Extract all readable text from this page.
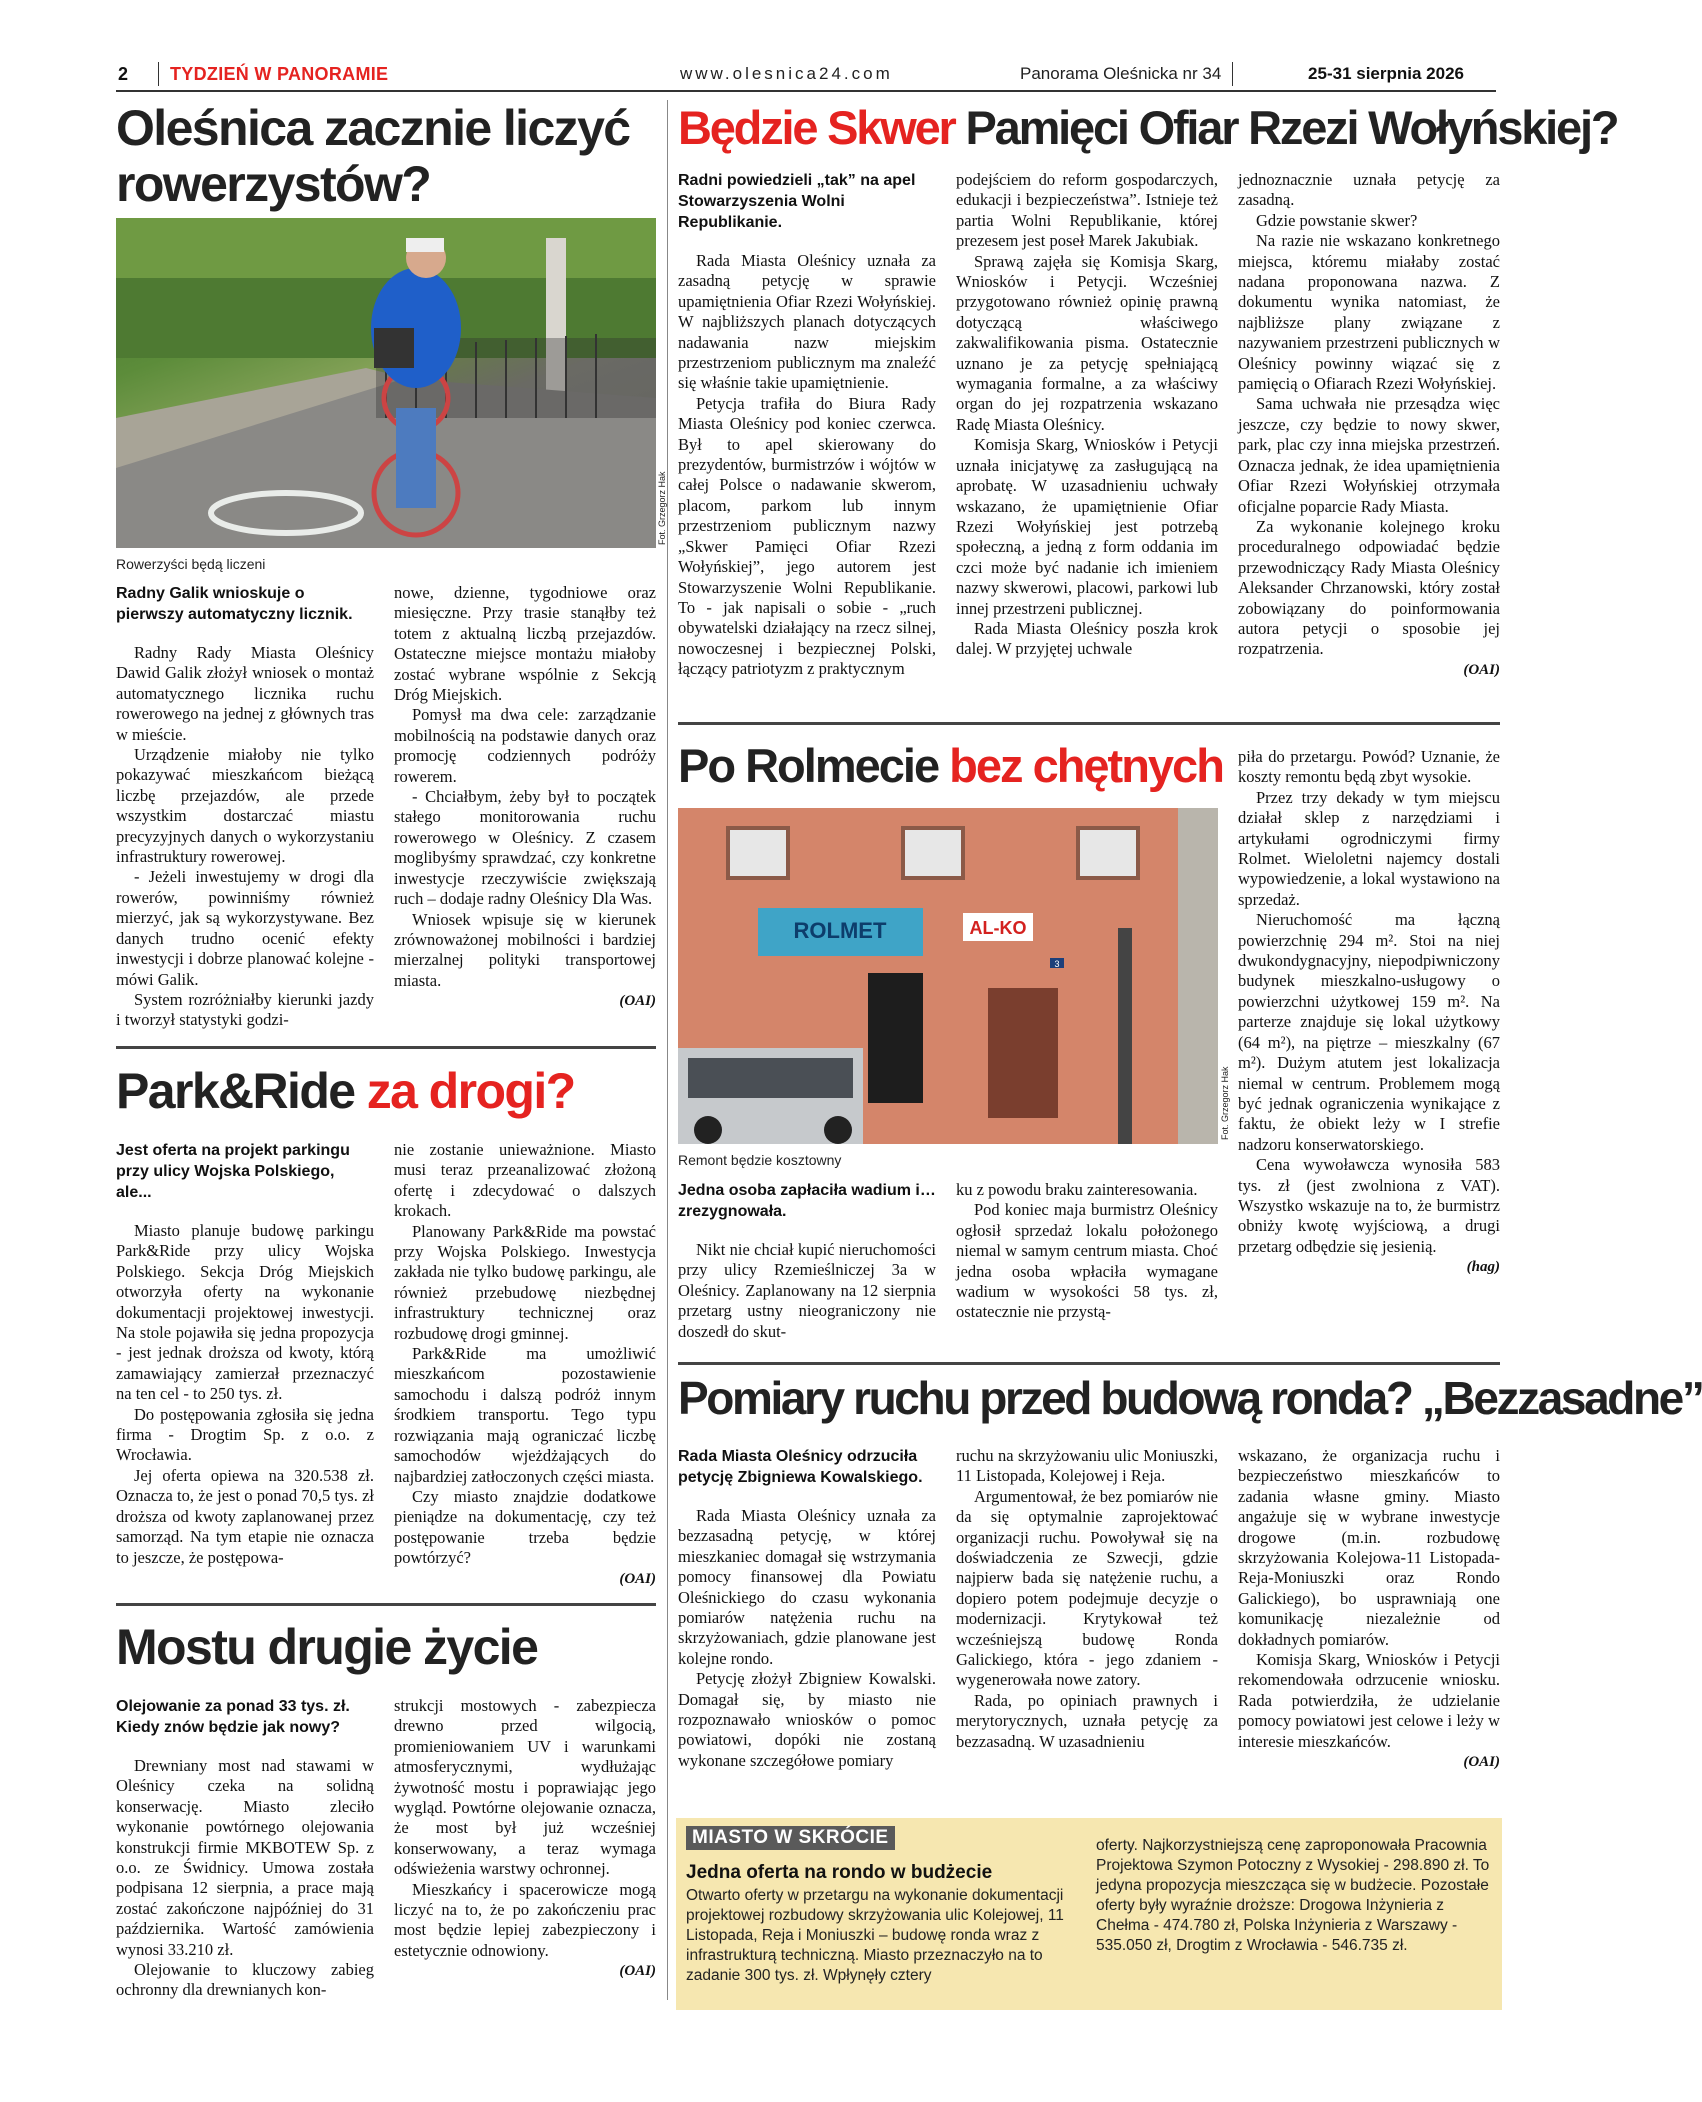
2 TYDZIEŃ W PANORAMIE	www.olesnica24.com	Panorama Oleśnicka nr 34	25-31 sierpnia 2026
Oleśnica zacznie liczyć rowerzystów?
Fot. Grzegorz Hak
Rowerzyści będą liczeni
Radny Galik wnioskuje o pierwszy automatyczny licznik.

Radny Rady Miasta Oleśnicy Dawid Galik złożył wniosek o montaż automatycznego licznika ruchu rowerowego na jednej z głównych tras w mieście.

Urządzenie miałoby nie tylko pokazywać mieszkańcom bieżącą liczbę przejazdów, ale przede wszystkim dostarczać miastu precyzyjnych danych o wykorzystaniu infrastruktury rowerowej.

- Jeżeli inwestujemy w drogi dla rowerów, powinniśmy również mierzyć, jak są wykorzystywane. Bez danych trudno ocenić efekty inwestycji i dobrze planować kolejne - mówi Galik.

System rozróżniałby kierunki jazdy i tworzył statystyki godzi-

nowe, dzienne, tygodniowe oraz miesięczne. Przy trasie stanąłby też totem z aktualną liczbą przejazdów. Ostateczne miejsce montażu miałoby zostać wybrane wspólnie z Sekcją Dróg Miejskich.

Pomysł ma dwa cele: zarządzanie mobilnością na podstawie danych oraz promocję codziennych podróży rowerem.

- Chciałbym, żeby był to początek stałego monitorowania ruchu rowerowego w Oleśnicy. Z czasem moglibyśmy sprawdzać, czy konkretne inwestycje rzeczywiście zwiększają ruch – dodaje radny Oleśnicy Dla Was.

Wniosek wpisuje się w kierunek zrównoważonej mobilności i bardziej mierzalnej polityki transportowej miasta.

(OAI)
Park&Ride za drogi?
Jest oferta na projekt parkingu przy ulicy Wojska Polskiego, ale...

Miasto planuje budowę parkingu Park&Ride przy ulicy Wojska Polskiego. Sekcja Dróg Miejskich otworzyła oferty na wykonanie dokumentacji projektowej inwestycji. Na stole pojawiła się jedna propozycja - jest jednak droższa od kwoty, którą zamawiający zamierzał przeznaczyć na ten cel - to 250 tys. zł.

Do postępowania zgłosiła się jedna firma - Drogtim Sp. z o.o. z Wrocławia.

Jej oferta opiewa na 320.538 zł. Oznacza to, że jest o ponad 70,5 tys. zł droższa od kwoty zaplanowanej przez samorząd. Na tym etapie nie oznacza to jeszcze, że postępowa-

nie zostanie unieważnione. Miasto musi teraz przeanalizować złożoną ofertę i zdecydować o dalszych krokach.

Planowany Park&Ride ma powstać przy Wojska Polskiego. Inwestycja zakłada nie tylko budowę parkingu, ale również przebudowę niezbędnej infrastruktury technicznej oraz rozbudowę drogi gminnej.

Park&Ride ma umożliwić mieszkańcom pozostawienie samochodu i dalszą podróż innym środkiem transportu. Tego typu rozwiązania mają ograniczać liczbę samochodów wjeżdżających do najbardziej zatłoczonych części miasta.

Czy miasto znajdzie dodatkowe pieniądze na dokumentację, czy też postępowanie trzeba będzie powtórzyć?

(OAI)
Mostu drugie życie
Olejowanie za ponad 33 tys. zł. Kiedy znów będzie jak nowy?

Drewniany most nad stawami w Oleśnicy czeka na solidną konserwację. Miasto zleciło wykonanie powtórnego olejowania konstrukcji firmie MKBOTEW Sp. z o.o. ze Świdnicy. Umowa została podpisana 12 sierpnia, a prace mają zostać zakończone najpóźniej do 31 października. Wartość zamówienia wynosi 33.210 zł.

Olejowanie to kluczowy zabieg ochronny dla drewnianych kon-

strukcji mostowych - zabezpiecza drewno przed wilgocią, promieniowaniem UV i warunkami atmosferycznymi, wydłużając żywotność mostu i poprawiając jego wygląd. Powtórne olejowanie oznacza, że most był już wcześniej konserwowany, a teraz wymaga odświeżenia warstwy ochronnej.

Mieszkańcy i spacerowicze mogą liczyć na to, że po zakończeniu prac most będzie lepiej zabezpieczony i estetycznie odnowiony.

(OAI)
Będzie Skwer Pamięci Ofiar Rzezi Wołyńskiej?
Radni powiedzieli „tak” na apel Stowarzyszenia Wolni Republikanie.

Rada Miasta Oleśnicy uznała za zasadną petycję w sprawie upamiętnienia Ofiar Rzezi Wołyńskiej. W najbliższych planach dotyczących nadawania nazw miejskim przestrzeniom publicznym ma znaleźć się właśnie takie upamiętnienie.

Petycja trafiła do Biura Rady Miasta Oleśnicy pod koniec czerwca. Był to apel skierowany do prezydentów, burmistrzów i wójtów w całej Polsce o nadawanie skwerom, placom, parkom lub innym przestrzeniom publicznym nazwy „Skwer Pamięci Ofiar Rzezi Wołyńskiej”, jego autorem jest Stowarzyszenie Wolni Republikanie. To - jak napisali o sobie - „ruch obywatelski działający na rzecz silnej, nowoczesnej i bezpiecznej Polski, łączący patriotyzm z praktycznym

podejściem do reform gospodarczych, edukacji i bezpieczeństwa”. Istnieje też partia Wolni Republikanie, której prezesem jest poseł Marek Jakubiak.

Sprawą zajęła się Komisja Skarg, Wniosków i Petycji. Wcześniej przygotowano również opinię prawną dotyczącą właściwego zakwalifikowania pisma. Ostatecznie uznano je za petycję spełniającą wymagania formalne, a za właściwy organ do jej rozpatrzenia wskazano Radę Miasta Oleśnicy.

Komisja Skarg, Wniosków i Petycji uznała inicjatywę za zasługującą na aprobatę. W uzasadnieniu uchwały wskazano, że upamiętnienie Ofiar Rzezi Wołyńskiej jest potrzebą społeczną, a jedną z form oddania im czci może być nadanie ich imieniem nazwy skwerowi, placowi, parkowi lub innej przestrzeni publicznej.

Rada Miasta Oleśnicy poszła krok dalej. W przyjętej uchwale

jednoznacznie uznała petycję za zasadną.

Gdzie powstanie skwer?

Na razie nie wskazano konkretnego miejsca, któremu miałaby zostać nadana proponowana nazwa. Z dokumentu wynika natomiast, że najbliższe plany związane z nazywaniem przestrzeni publicznych w Oleśnicy powinny wiązać się z pamięcią o Ofiarach Rzezi Wołyńskiej.

Sama uchwała nie przesądza więc jeszcze, czy będzie to nowy skwer, park, plac czy inna miejska przestrzeń. Oznacza jednak, że idea upamiętnienia Ofiar Rzezi Wołyńskiej otrzymała oficjalne poparcie Rady Miasta.

Za wykonanie kolejnego kroku proceduralnego odpowiadać będzie przewodniczący Rady Miasta Oleśnicy Aleksander Chrzanowski, który został zobowiązany do poinformowania autora petycji o sposobie jej rozpatrzenia.

(OAI)
Po Rolmecie bez chętnych
ROLMET	AL-KO
3
Fot. Grzegorz Hak
Remont będzie kosztowny
Jedna osoba zapłaciła wadium i… zrezygnowała.

Nikt nie chciał kupić nieruchomości przy ulicy Rzemieślniczej 3a w Oleśnicy. Zaplanowany na 12 sierpnia przetarg ustny nieograniczony nie doszedł do skut-

ku z powodu braku zainteresowania.

Pod koniec maja burmistrz Oleśnicy ogłosił sprzedaż lokalu położonego niemal w samym centrum miasta. Choć jedna osoba wpłaciła wymagane wadium w wysokości 58 tys. zł, ostatecznie nie przystą-

piła do przetargu. Powód? Uznanie, że koszty remontu będą zbyt wysokie.

Przez trzy dekady w tym miejscu działał sklep z narzędziami i artykułami ogrodniczymi firmy Rolmet. Wieloletni najemcy dostali wypowiedzenie, a lokal wystawiono na sprzedaż.

Nieruchomość ma łączną powierzchnię 294 m². Stoi na niej dwukondygnacyjny, niepodpiwniczony budynek mieszkalno-usługowy o powierzchni użytkowej 159 m². Na parterze znajduje się lokal użytkowy (64 m²), na piętrze – mieszkalny (67 m²). Dużym atutem jest lokalizacja niemal w centrum. Problemem mogą być jednak ograniczenia wynikające z faktu, że obiekt leży w I strefie nadzoru konserwatorskiego.

Cena wywoławcza wynosiła 583 tys. zł (jest zwolniona z VAT). Wszystko wskazuje na to, że burmistrz obniży kwotę wyjściową, a drugi przetarg odbędzie się jesienią.

(hag)
Pomiary ruchu przed budową ronda? „Bezzasadne”
Rada Miasta Oleśnicy odrzuciła petycję Zbigniewa Kowalskiego.

Rada Miasta Oleśnicy uznała za bezzasadną petycję, w której mieszkaniec domagał się wstrzymania pomocy finansowej dla Powiatu Oleśnickiego do czasu wykonania pomiarów natężenia ruchu na skrzyżowaniach, gdzie planowane jest kolejne rondo.

Petycję złożył Zbigniew Kowalski. Domagał się, by miasto nie rozpoznawało wniosków o pomoc powiatowi, dopóki nie zostaną wykonane szczegółowe pomiary

ruchu na skrzyżowaniu ulic Moniuszki, 11 Listopada, Kolejowej i Reja.

Argumentował, że bez pomiarów nie da się optymalnie zaprojektować organizacji ruchu. Powoływał się na doświadczenia ze Szwecji, gdzie najpierw bada się natężenie ruchu, a dopiero potem podejmuje decyzje o modernizacji. Krytykował też wcześniejszą budowę Ronda Galickiego, która - jego zdaniem - wygenerowała nowe zatory.

Rada, po opiniach prawnych i merytorycznych, uznała petycję za bezzasadną. W uzasadnieniu

wskazano, że organizacja ruchu i bezpieczeństwo mieszkańców to zadania własne gminy. Miasto angażuje się w wybrane inwestycje drogowe (m.in. rozbudowę skrzyżowania Kolejowa-11 Listopada-Reja-Moniuszki oraz Rondo Galickiego), bo usprawniają one komunikację niezależnie od dokładnych pomiarów.

Komisja Skarg, Wniosków i Petycji rekomendowała odrzucenie wniosku. Rada potwierdziła, że udzielanie pomocy powiatowi jest celowe i leży w interesie mieszkańców.

(OAI)
MIASTO W SKRÓCIE
Jedna oferta na rondo w budżecie
Otwarto oferty w przetargu na wykonanie dokumentacji projektowej rozbudowy skrzyżowania ulic Kolejowej, 11 Listopada, Reja i Moniuszki – budowę ronda wraz z infrastrukturą techniczną. Miasto przeznaczyło na to zadanie 300 tys. zł. Wpłynęły cztery
oferty. Najkorzystniejszą cenę zaproponowała Pracownia Projektowa Szymon Potoczny z Wysokiej - 298.890 zł. To jedyna propozycja mieszcząca się w budżecie. Pozostałe oferty były wyraźnie droższe: Drogowa Inżynieria z Chełma - 474.780 zł, Polska Inżynieria z Warszawy - 535.050 zł, Drogtim z Wrocławia - 546.735 zł.
